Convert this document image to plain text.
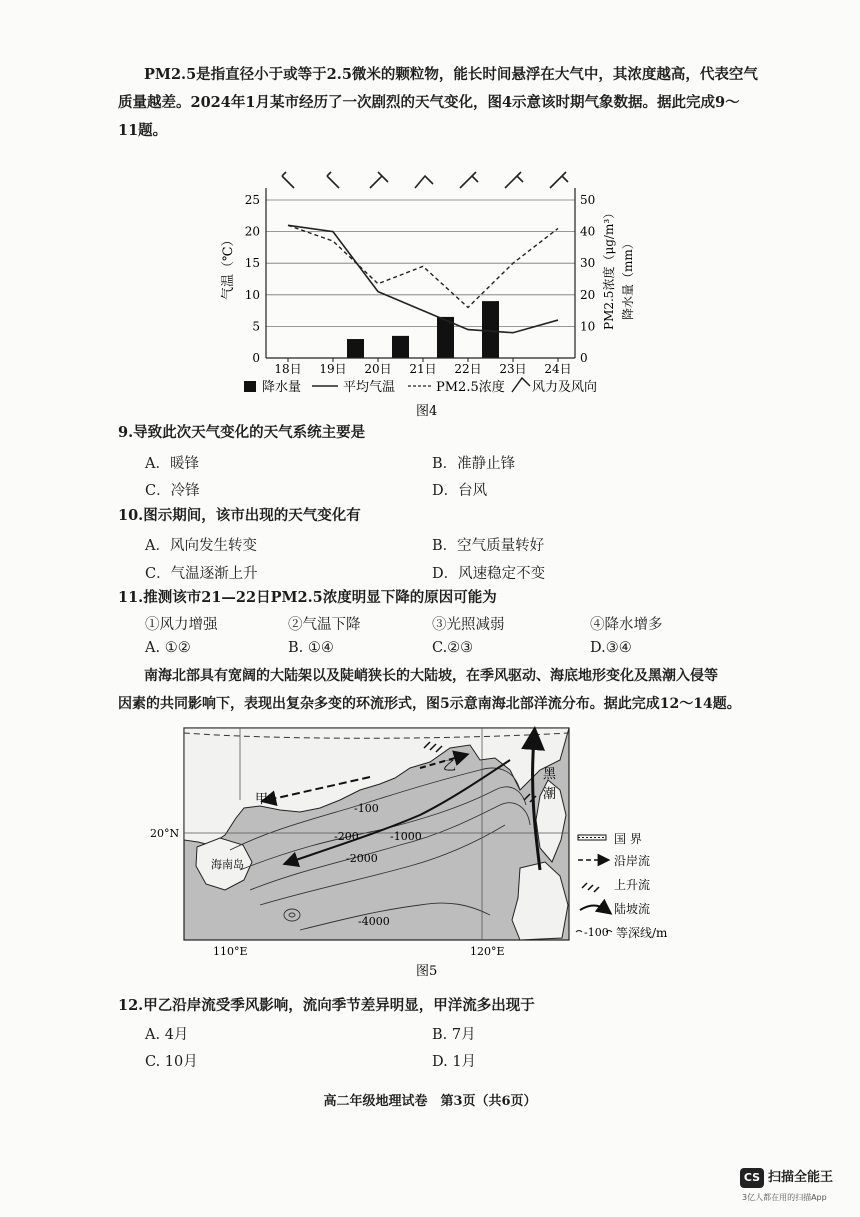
PM2.5是指直径小于或等于2.5微米的颗粒物，能长时间悬浮在大气中，其浓度越高，代表空气
质量越差。2024年1月某市经历了一次剧烈的天气变化，图4示意该时期气象数据。据此完成9～
11题。
0
5
10
15
20
25
0
10
20
30
40
50
18日 19日 20日 21日 22日 23日 24日
气温（℃）	PM2.5浓度（μg/m³） 降水量（mm）
降水量	平均气温	PM2.5浓度 风力及风向
图4
9.导致此次天气变化的天气系统主要是
A．暖锋	B．准静止锋
C．冷锋	D．台风
10.图示期间，该市出现的天气变化有
A．风向发生转变	B．空气质量转好
C．气温逐渐上升	D．风速稳定不变
11.推测该市21—22日PM2.5浓度明显下降的原因可能为
①风力增强	②气温下降	③光照减弱	④降水增多
A. ①②	B. ①④	C.②③	D.③④
南海北部具有宽阔的大陆架以及陡峭狭长的大陆坡，在季风驱动、海底地形变化及黑潮入侵等
因素的共同影响下，表现出复杂多变的环流形式，图5示意南海北部洋流分布。据此完成12～14题。
乙
甲
黑
潮
海南岛
20°N
110°E	120°E
-100
-200	-1000
-2000
-4000
国 界
沿岸流
上升流
陆坡流
-100 等深线/m
图5
12.甲乙沿岸流受季风影响，流向季节差异明显，甲洋流多出现于
A. 4月	B. 7月
C. 10月	D. 1月
高二年级地理试卷　第3页（共6页）
CS 扫描全能王
3亿人都在用的扫描App
